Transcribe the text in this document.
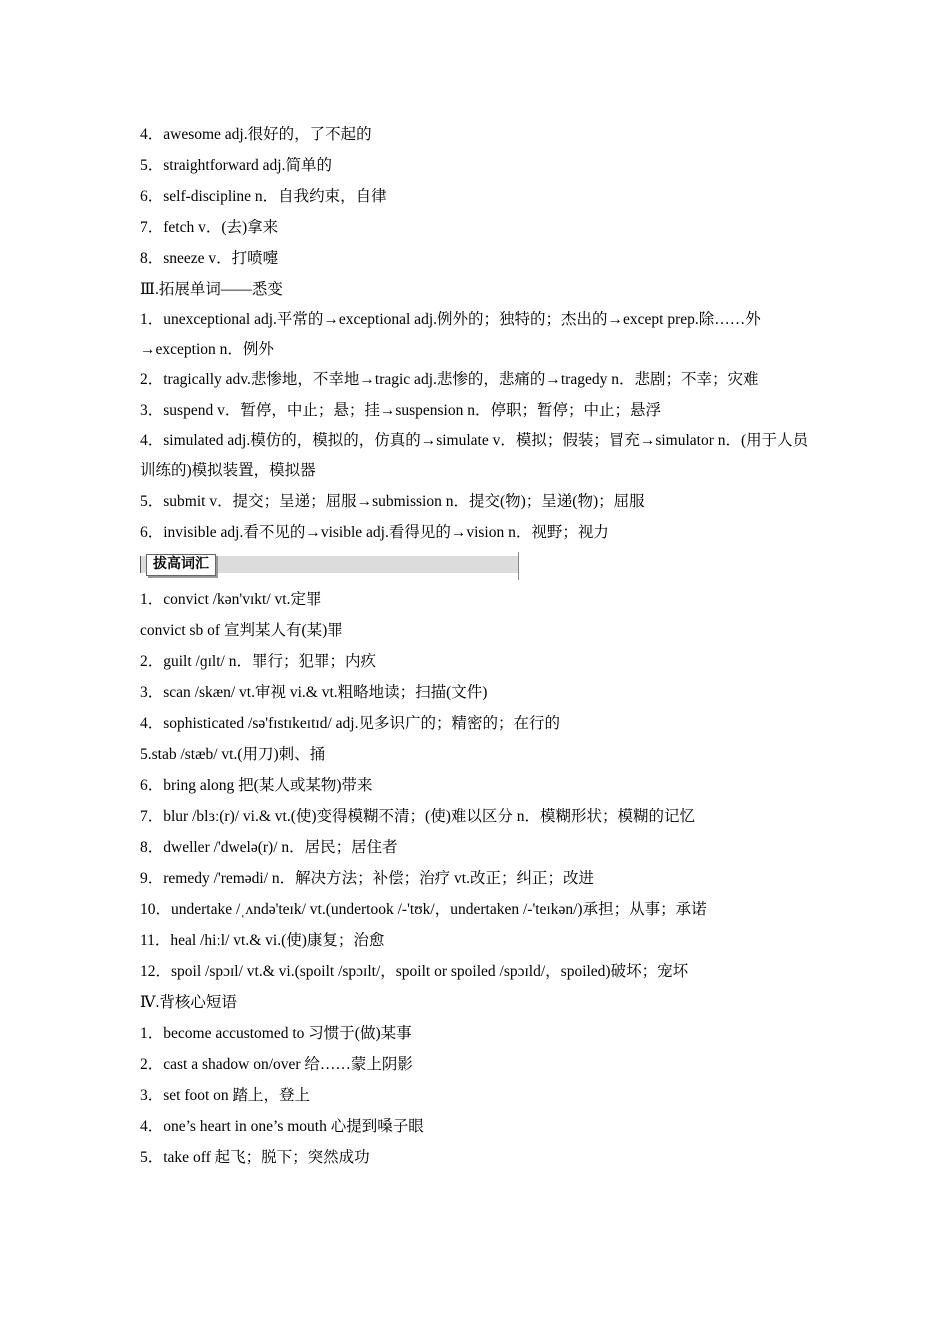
4．awesome adj.很好的，了不起的
5．straightforward adj.简单的
6．self-discipline n．自我约束，自律
7．fetch v．(去)拿来
8．sneeze v．打喷嚏
Ⅲ.拓展单词——悉变
1．unexceptional adj.平常的→exceptional adj.例外的；独特的；杰出的→except prep.除……外→exception n．例外
2．tragically adv.悲惨地，不幸地→tragic adj.悲惨的，悲痛的→tragedy n．悲剧；不幸；灾难
3．suspend v．暂停，中止；悬；挂→suspension n．停职；暂停；中止；悬浮
4．simulated adj.模仿的，模拟的，仿真的→simulate v．模拟；假装；冒充→simulator n．(用于人员训练的)模拟装置，模拟器
5．submit v．提交；呈递；屈服→submission n．提交(物)；呈递(物)；屈服
6．invisible adj.看不见的→visible adj.看得见的→vision n．视野；视力
拔高词汇
1．convict /kən'vɪkt/ vt.定罪
convict sb of 宣判某人有(某)罪
2．guilt /ɡɪlt/ n．罪行；犯罪；内疚
3．scan /skæn/ vt.审视 vi.& vt.粗略地读；扫描(文件)
4．sophisticated /sə'fɪstɪkeɪtɪd/ adj.见多识广的；精密的；在行的
5.stab /stæb/ vt.(用刀)刺、捅
6．bring along 把(某人或某物)带来
7．blur /blɜː(r)/ vi.& vt.(使)变得模糊不清；(使)难以区分 n．模糊形状；模糊的记忆
8．dweller /'dwelə(r)/ n．居民；居住者
9．remedy /'remədi/ n．解决方法；补偿；治疗 vt.改正；纠正；改进
10．undertake /ˌʌndə'teɪk/ vt.(undertook /-'tʊk/，undertaken /-'teɪkən/)承担；从事；承诺
11．heal /hiːl/ vt.& vi.(使)康复；治愈
12．spoil /spɔɪl/ vt.& vi.(spoilt /spɔɪlt/，spoilt or spoiled /spɔɪld/，spoiled)破坏；宠坏
Ⅳ.背核心短语
1．become accustomed to 习惯于(做)某事
2．cast a shadow on/over 给……蒙上阴影
3．set foot on 踏上，登上
4．one’s heart in one’s mouth 心提到嗓子眼
5．take off 起飞；脱下；突然成功
